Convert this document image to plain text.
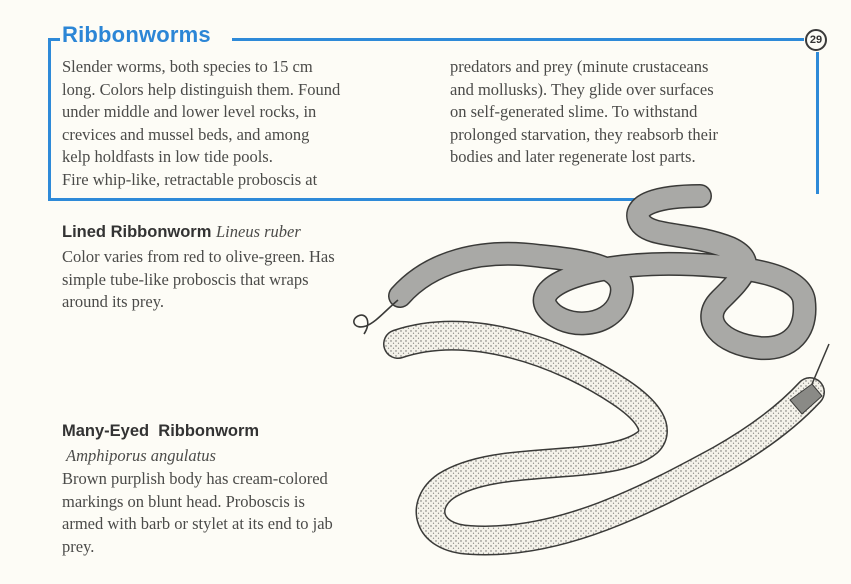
Ribbonworms	29

Slender worms, both species to 15 cm
long. Colors help distinguish them. Found
under middle and lower level rocks, in
crevices and mussel beds, and among
kelp holdfasts in low tide pools.
Fire whip-like, retractable proboscis at

predators and prey (minute crustaceans
and mollusks). They glide over surfaces
on self-generated slime. To withstand
prolonged starvation, they reabsorb their
bodies and later regenerate lost parts.

Lined Ribbonworm Lineus ruber

Color varies from red to olive-green. Has
simple tube-like proboscis that wraps
around its prey.

Many-Eyed  Ribbonworm

Amphiporus angulatus

Brown purplish body has cream-colored
markings on blunt head. Proboscis is
armed with barb or stylet at its end to jab
prey.
